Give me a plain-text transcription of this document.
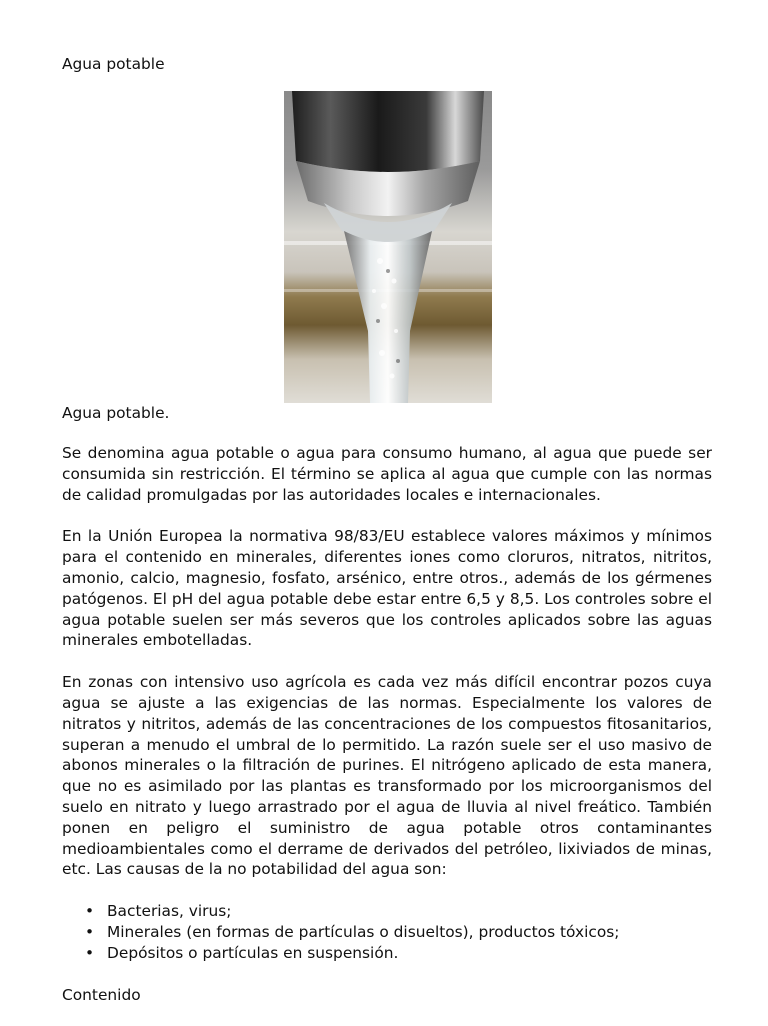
Agua potable

Agua potable.

Se denomina agua potable o agua para consumo humano, al agua que puede ser consumida sin restricción. El término se aplica al agua que cumple con las normas de calidad promulgadas por las autoridades locales e internacionales.

En la Unión Europea la normativa 98/83/EU establece valores máximos y mínimos para el contenido en minerales, diferentes iones como cloruros, nitratos, nitritos, amonio, calcio, magnesio, fosfato, arsénico, entre otros., además de los gérmenes patógenos. El pH del agua potable debe estar entre 6,5 y 8,5. Los controles sobre el agua potable suelen ser más severos que los controles aplicados sobre las aguas minerales embotelladas.

En zonas con intensivo uso agrícola es cada vez más difícil encontrar pozos cuya agua se ajuste a las exigencias de las normas. Especialmente los valores de nitratos y nitritos, además de las concentraciones de los compuestos fitosanitarios, superan a menudo el umbral de lo permitido. La razón suele ser el uso masivo de abonos minerales o la filtración de purines. El nitrógeno aplicado de esta manera, que no es asimilado por las plantas es transformado por los microorganismos del suelo en nitrato y luego arrastrado por el agua de lluvia al nivel freático. También ponen en peligro el suministro de agua potable otros contaminantes medioambientales como el derrame de derivados del petróleo, lixiviados de minas, etc. Las causas de la no potabilidad del agua son:

• Bacterias, virus;
• Minerales (en formas de partículas o disueltos), productos tóxicos;
• Depósitos o partículas en suspensión.

Contenido
